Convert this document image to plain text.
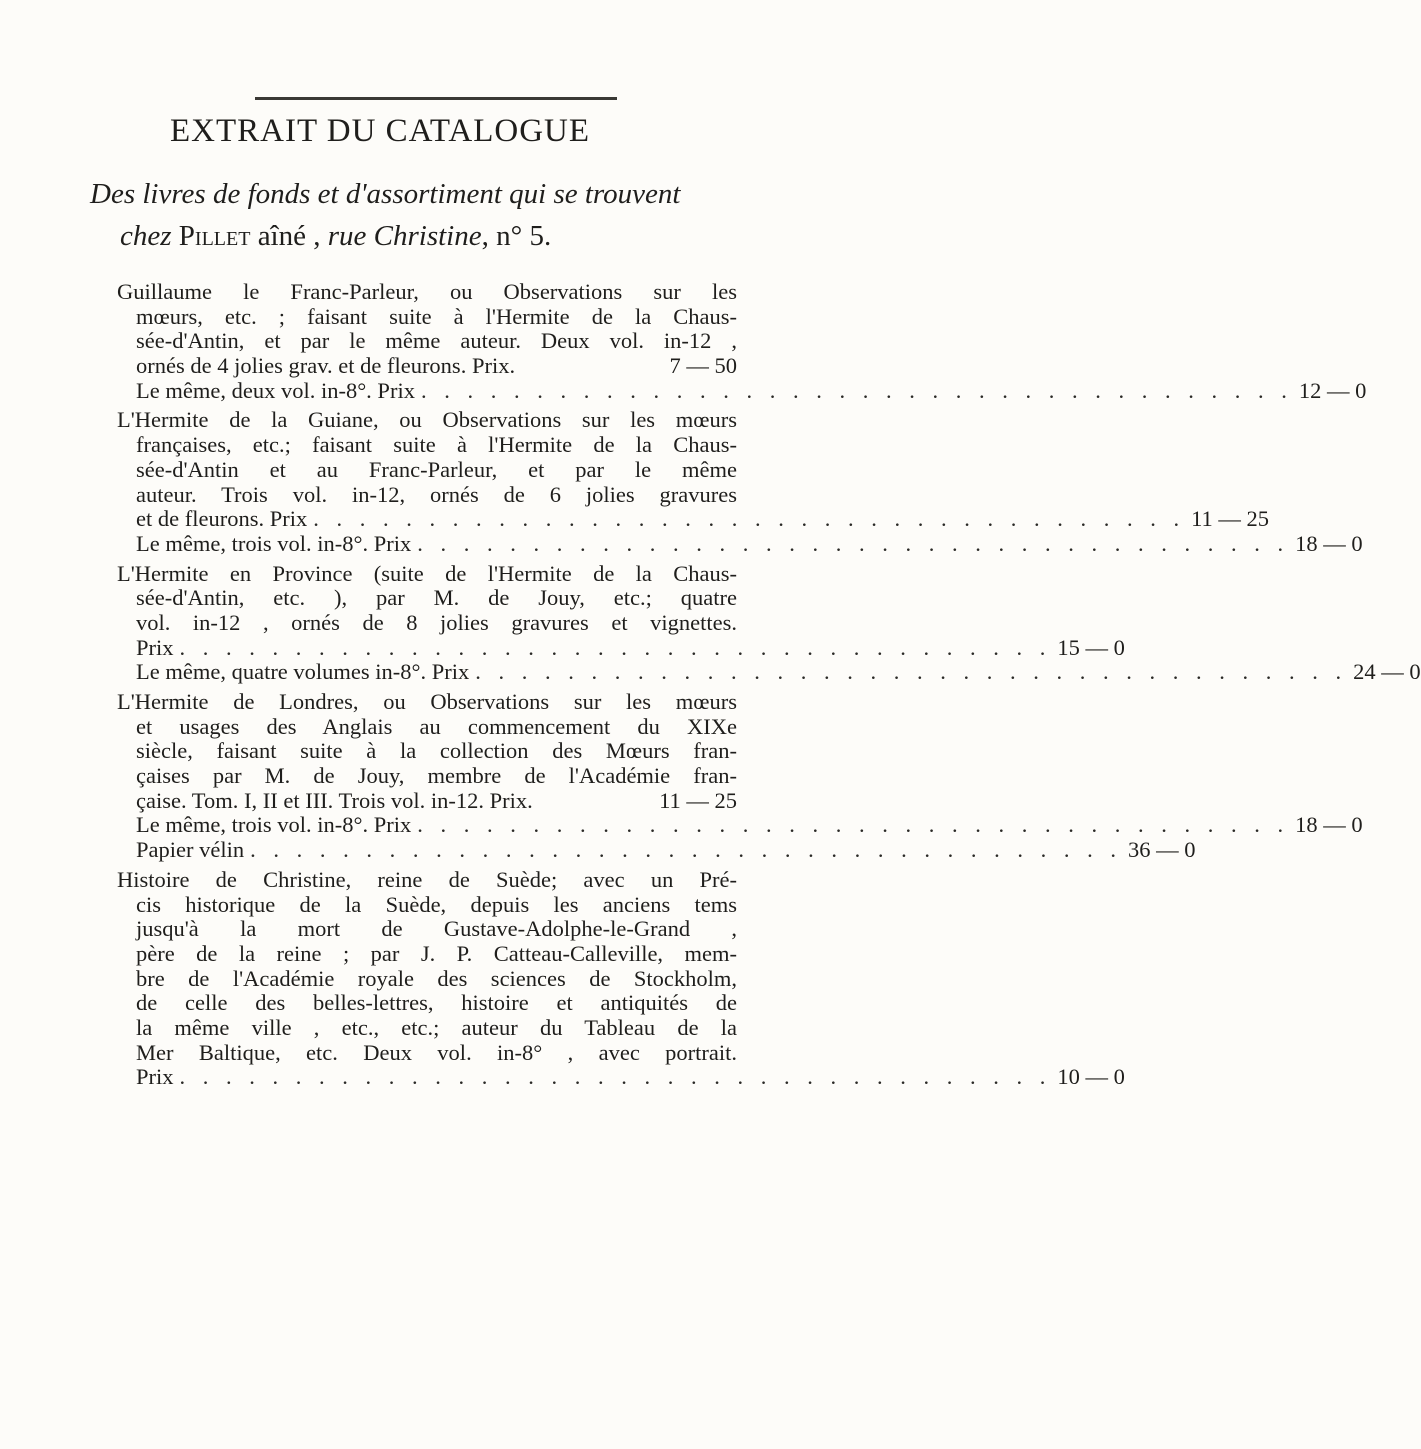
EXTRAIT DU CATALOGUE

Des livres de fonds et d'assortiment qui se trouvent
chez Pillet aîné , rue Christine, n° 5.

Guillaume le Franc-Parleur, ou Observations sur les
mœurs, etc. ; faisant suite à l'Hermite de la Chaus-
sée-d'Antin, et par le même auteur. Deux vol. in-12 ,
ornés de 4 jolies grav. et de fleurons. Prix.	7 — 50
Le même, deux vol. in-8°. Prix . . . . . . . . . . . . . . . . . . . . . . . . . . . . . . . . . . . . . . 12 — 0
L'Hermite de la Guiane, ou Observations sur les mœurs
françaises, etc.; faisant suite à l'Hermite de la Chaus-
sée-d'Antin et au Franc-Parleur, et par le même
auteur. Trois vol. in-12, ornés de 6 jolies gravures
et de fleurons. Prix . . . . . . . . . . . . . . . . . . . . . . . . . . . . . . . . . . . . . . 11 — 25
Le même, trois vol. in-8°. Prix . . . . . . . . . . . . . . . . . . . . . . . . . . . . . . . . . . . . . . 18 — 0
L'Hermite en Province (suite de l'Hermite de la Chaus-
sée-d'Antin, etc. ), par M. de Jouy, etc.; quatre
vol. in-12 , ornés de 8 jolies gravures et vignettes.
Prix . . . . . . . . . . . . . . . . . . . . . . . . . . . . . . . . . . . . . . 15 — 0
Le même, quatre volumes in-8°. Prix . . . . . . . . . . . . . . . . . . . . . . . . . . . . . . . . . . . . . . 24 — 0
L'Hermite de Londres, ou Observations sur les mœurs
et usages des Anglais au commencement du XIXe
siècle, faisant suite à la collection des Mœurs fran-
çaises par M. de Jouy, membre de l'Académie fran-
çaise. Tom. I, II et III. Trois vol. in-12. Prix.	11 — 25
Le même, trois vol. in-8°. Prix . . . . . . . . . . . . . . . . . . . . . . . . . . . . . . . . . . . . . . 18 — 0
Papier vélin . . . . . . . . . . . . . . . . . . . . . . . . . . . . . . . . . . . . . . 36 — 0
Histoire de Christine, reine de Suède; avec un Pré-
cis historique de la Suède, depuis les anciens tems
jusqu'à la mort de Gustave-Adolphe-le-Grand ,
père de la reine ; par J. P. Catteau-Calleville, mem-
bre de l'Académie royale des sciences de Stockholm,
de celle des belles-lettres, histoire et antiquités de
la même ville , etc., etc.; auteur du Tableau de la
Mer Baltique, etc. Deux vol. in-8° , avec portrait.
Prix . . . . . . . . . . . . . . . . . . . . . . . . . . . . . . . . . . . . . . 10 — 0
